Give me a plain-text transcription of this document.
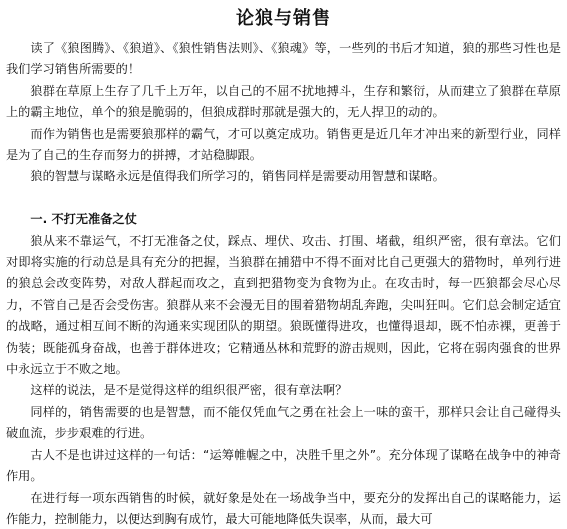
论狼与销售

读了《狼图腾》、《狼道》、《狼性销售法则》、《狼魂》等，一些列的书后才知道，狼的那些习性也是我们学习销售所需要的！

狼群在草原上生存了几千上万年，以自己的不屈不扰地搏斗，生存和繁衍，从而建立了狼群在草原上的霸主地位，单个的狼是脆弱的，但狼成群时那就是强大的，无人捍卫的动的。

而作为销售也是需要狼那样的霸气，才可以奠定成功。销售更是近几年才冲出来的新型行业，同样是为了自己的生存而努力的拼搏，才站稳脚跟。

狼的智慧与谋略永远是值得我们所学习的，销售同样是需要动用智慧和谋略。

一. 不打无准备之仗

狼从来不靠运气，不打无准备之仗，踩点、埋伏、攻击、打围、堵截，组织严密，很有章法。它们对即将实施的行动总是具有充分的把握，当狼群在捕猎中不得不面对比自己更强大的猎物时，单列行进的狼总会改变阵势，对敌人群起而攻之，直到把猎物变为食物为止。在攻击时，每一匹狼都会尽心尽力，不管自己是否会受伤害。狼群从来不会漫无目的围着猎物胡乱奔跑，尖叫狂叫。它们总会制定适宜的战略，通过相互间不断的沟通来实现团队的期望。狼既懂得进攻，也懂得退却，既不怕赤裸，更善于伪装；既能孤身奋战，也善于群体进攻；它精通丛林和荒野的游击规则，因此，它将在弱肉强食的世界中永远立于不败之地。

这样的说法，是不是觉得这样的组织很严密，很有章法啊？

同样的，销售需要的也是智慧，而不能仅凭血气之勇在社会上一味的蛮干，那样只会让自己碰得头破血流，步步艰难的行进。

古人不是也讲过这样的一句话：“运筹帷幄之中，决胜千里之外”。充分体现了谋略在战争中的神奇作用。

在进行每一项东西销售的时候，就好象是处在一场战争当中，要充分的发挥出自己的谋略能力，运作能力，控制能力，以便达到胸有成竹，最大可能地降低失误率，从而，最大可
